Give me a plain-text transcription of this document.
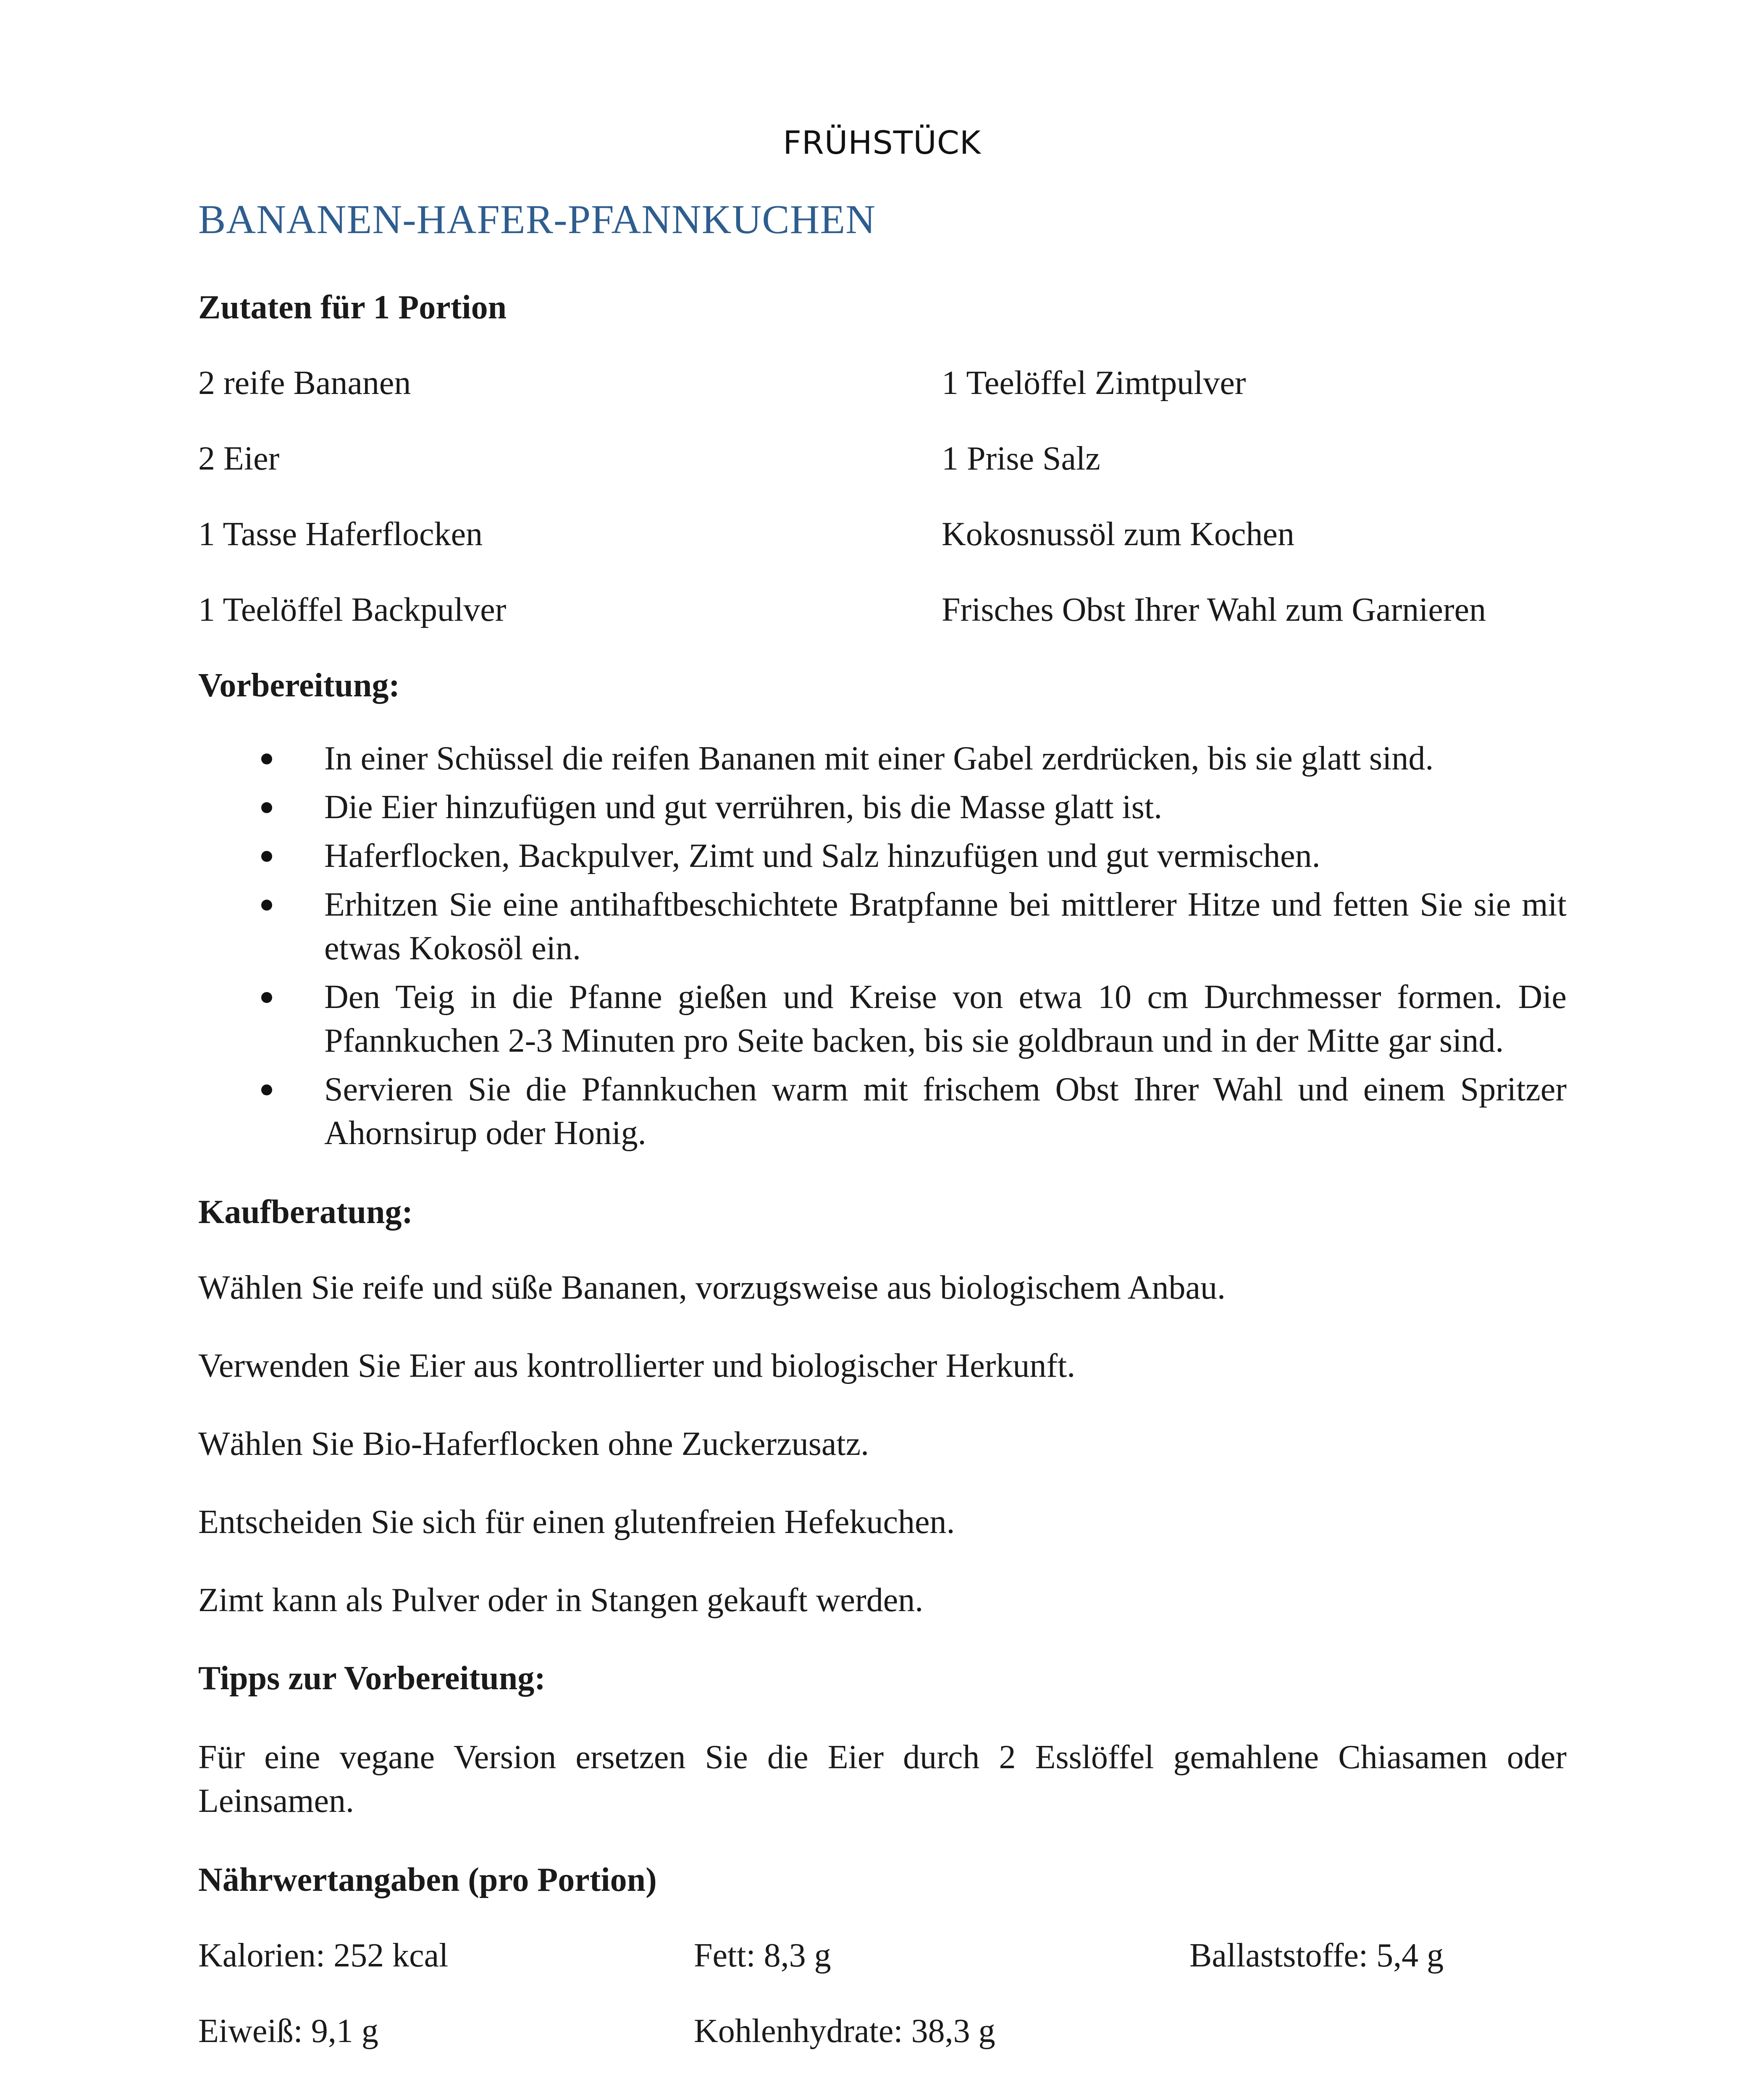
FRÜHSTÜCK
BANANEN-HAFER-PFANNKUCHEN
Zutaten für 1 Portion
2 reife Bananen	1 Teelöffel Zimtpulver
2 Eier	1 Prise Salz
1 Tasse Haferflocken	Kokosnussöl zum Kochen
1 Teelöffel Backpulver	Frisches Obst Ihrer Wahl zum Garnieren
Vorbereitung:
In einer Schüssel die reifen Bananen mit einer Gabel zerdrücken, bis sie glatt sind.
Die Eier hinzufügen und gut verrühren, bis die Masse glatt ist.
Haferflocken, Backpulver, Zimt und Salz hinzufügen und gut vermischen.
Erhitzen Sie eine antihaftbeschichtete Bratpfanne bei mittlerer Hitze und fetten Sie sie mit etwas Kokosöl ein.
Den Teig in die Pfanne gießen und Kreise von etwa 10 cm Durchmesser formen. Die Pfannkuchen 2-3 Minuten pro Seite backen, bis sie goldbraun und in der Mitte gar sind.
Servieren Sie die Pfannkuchen warm mit frischem Obst Ihrer Wahl und einem Spritzer Ahornsirup oder Honig.
Kaufberatung:

Wählen Sie reife und süße Bananen, vorzugsweise aus biologischem Anbau.

Verwenden Sie Eier aus kontrollierter und biologischer Herkunft.

Wählen Sie Bio-Haferflocken ohne Zuckerzusatz.

Entscheiden Sie sich für einen glutenfreien Hefekuchen.

Zimt kann als Pulver oder in Stangen gekauft werden.

Tipps zur Vorbereitung:

Für eine vegane Version ersetzen Sie die Eier durch 2 Esslöffel gemahlene Chiasamen oder Leinsamen.

Nährwertangaben (pro Portion)
Kalorien: 252 kcal	Fett: 8,3 g	Ballaststoffe: 5,4 g
Eiweiß: 9,1 g	Kohlenhydrate: 38,3 g
